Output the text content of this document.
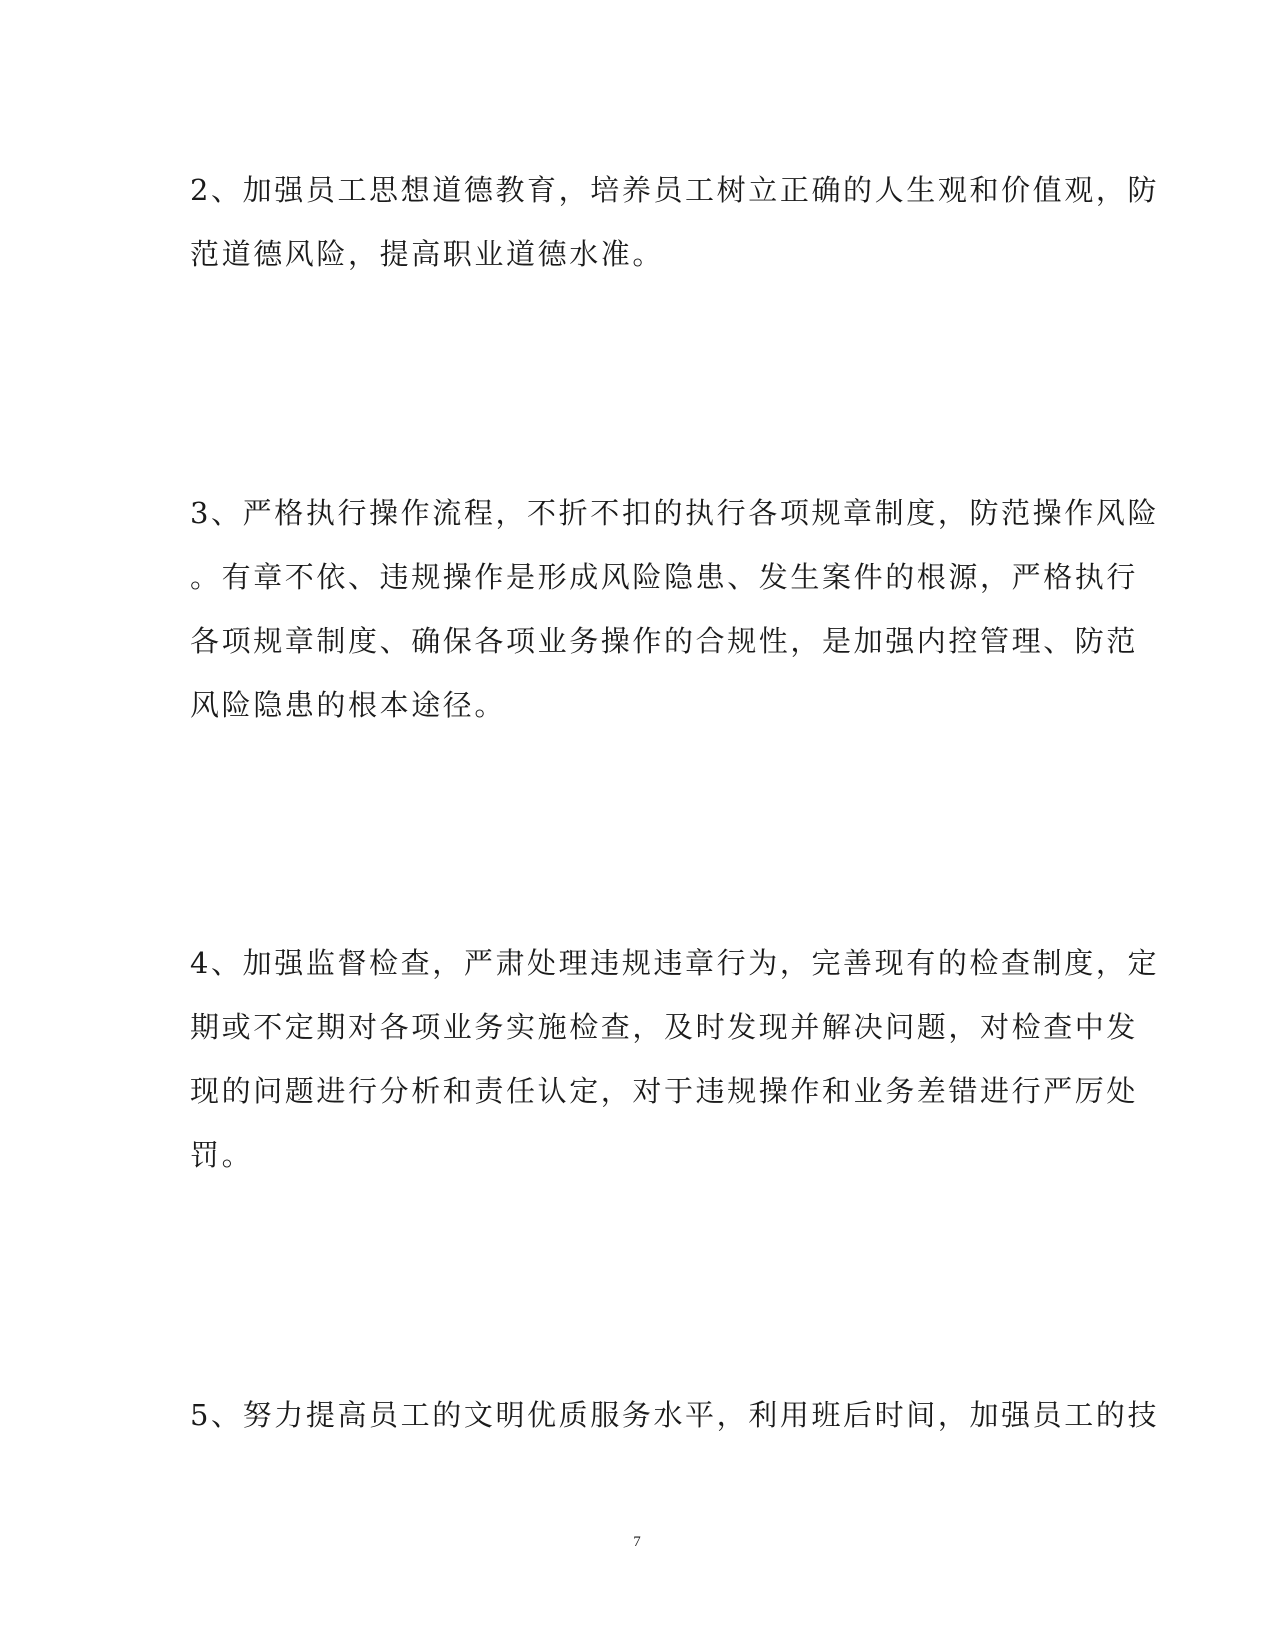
2、加强员工思想道德教育，培养员工树立正确的人生观和价值观，防
范道德风险，提高职业道德水准。
3、严格执行操作流程，不折不扣的执行各项规章制度，防范操作风险
。有章不依、违规操作是形成风险隐患、发生案件的根源，严格执行
各项规章制度、确保各项业务操作的合规性，是加强内控管理、防范
风险隐患的根本途径。
4、加强监督检查，严肃处理违规违章行为，完善现有的检查制度，定
期或不定期对各项业务实施检查，及时发现并解决问题，对检查中发
现的问题进行分析和责任认定，对于违规操作和业务差错进行严厉处
罚。
5、努力提高员工的文明优质服务水平，利用班后时间，加强员工的技
7
